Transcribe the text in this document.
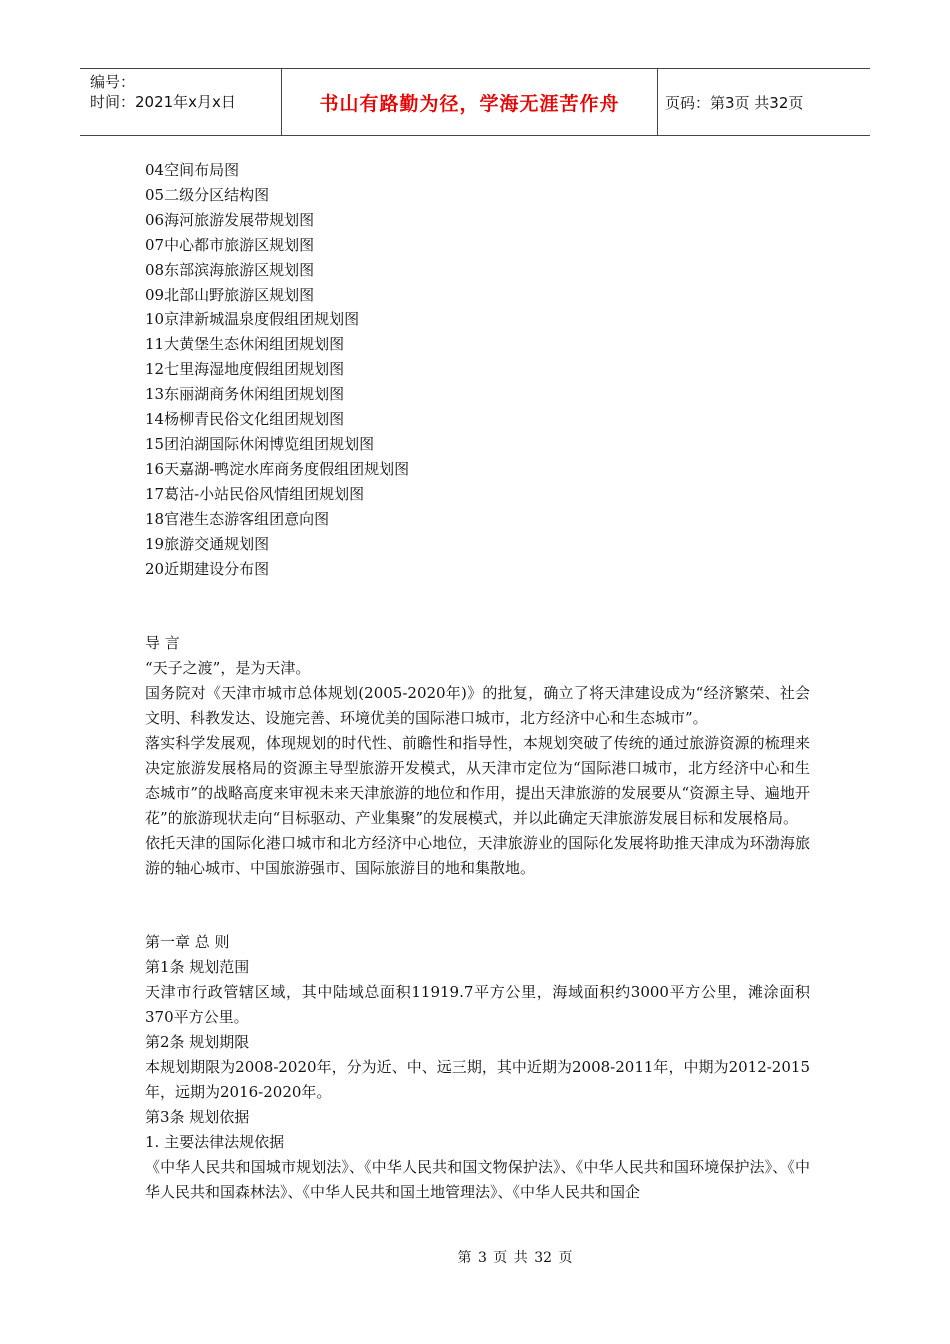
编号：
时间：2021年x月x日	书山有路勤为径，学海无涯苦作舟	页码：第3页 共32页
04空间布局图
05二级分区结构图
06海河旅游发展带规划图
07中心都市旅游区规划图
08东部滨海旅游区规划图
09北部山野旅游区规划图
10京津新城温泉度假组团规划图
11大黄堡生态休闲组团规划图
12七里海湿地度假组团规划图
13东丽湖商务休闲组团规划图
14杨柳青民俗文化组团规划图
15团泊湖国际休闲博览组团规划图
16天嘉湖-鸭淀水库商务度假组团规划图
17葛沽-小站民俗风情组团规划图
18官港生态游客组团意向图
19旅游交通规划图
20近期建设分布图
导 言
“天子之渡”，是为天津。
国务院对《天津市城市总体规划(2005-2020年)》的批复，确立了将天津建设成为“经济繁荣、社会文明、科教发达、设施完善、环境优美的国际港口城市，北方经济中心和生态城市”。
落实科学发展观，体现规划的时代性、前瞻性和指导性，本规划突破了传统的通过旅游资源的梳理来决定旅游发展格局的资源主导型旅游开发模式，从天津市定位为“国际港口城市，北方经济中心和生态城市”的战略高度来审视未来天津旅游的地位和作用，提出天津旅游的发展要从“资源主导、遍地开花”的旅游现状走向“目标驱动、产业集聚”的发展模式，并以此确定天津旅游发展目标和发展格局。
依托天津的国际化港口城市和北方经济中心地位，天津旅游业的国际化发展将助推天津成为环渤海旅游的轴心城市、中国旅游强市、国际旅游目的地和集散地。
第一章 总 则
第1条 规划范围
天津市行政管辖区域，其中陆域总面积11919.7平方公里，海域面积约3000平方公里，滩涂面积370平方公里。
第2条 规划期限
本规划期限为2008-2020年，分为近、中、远三期，其中近期为2008-2011年，中期为2012-2015年，远期为2016-2020年。
第3条 规划依据
1. 主要法律法规依据
《中华人民共和国城市规划法》、《中华人民共和国文物保护法》、《中华人民共和国环境保护法》、《中华人民共和国森林法》、《中华人民共和国土地管理法》、《中华人民共和国企
第 3 页 共 32 页
